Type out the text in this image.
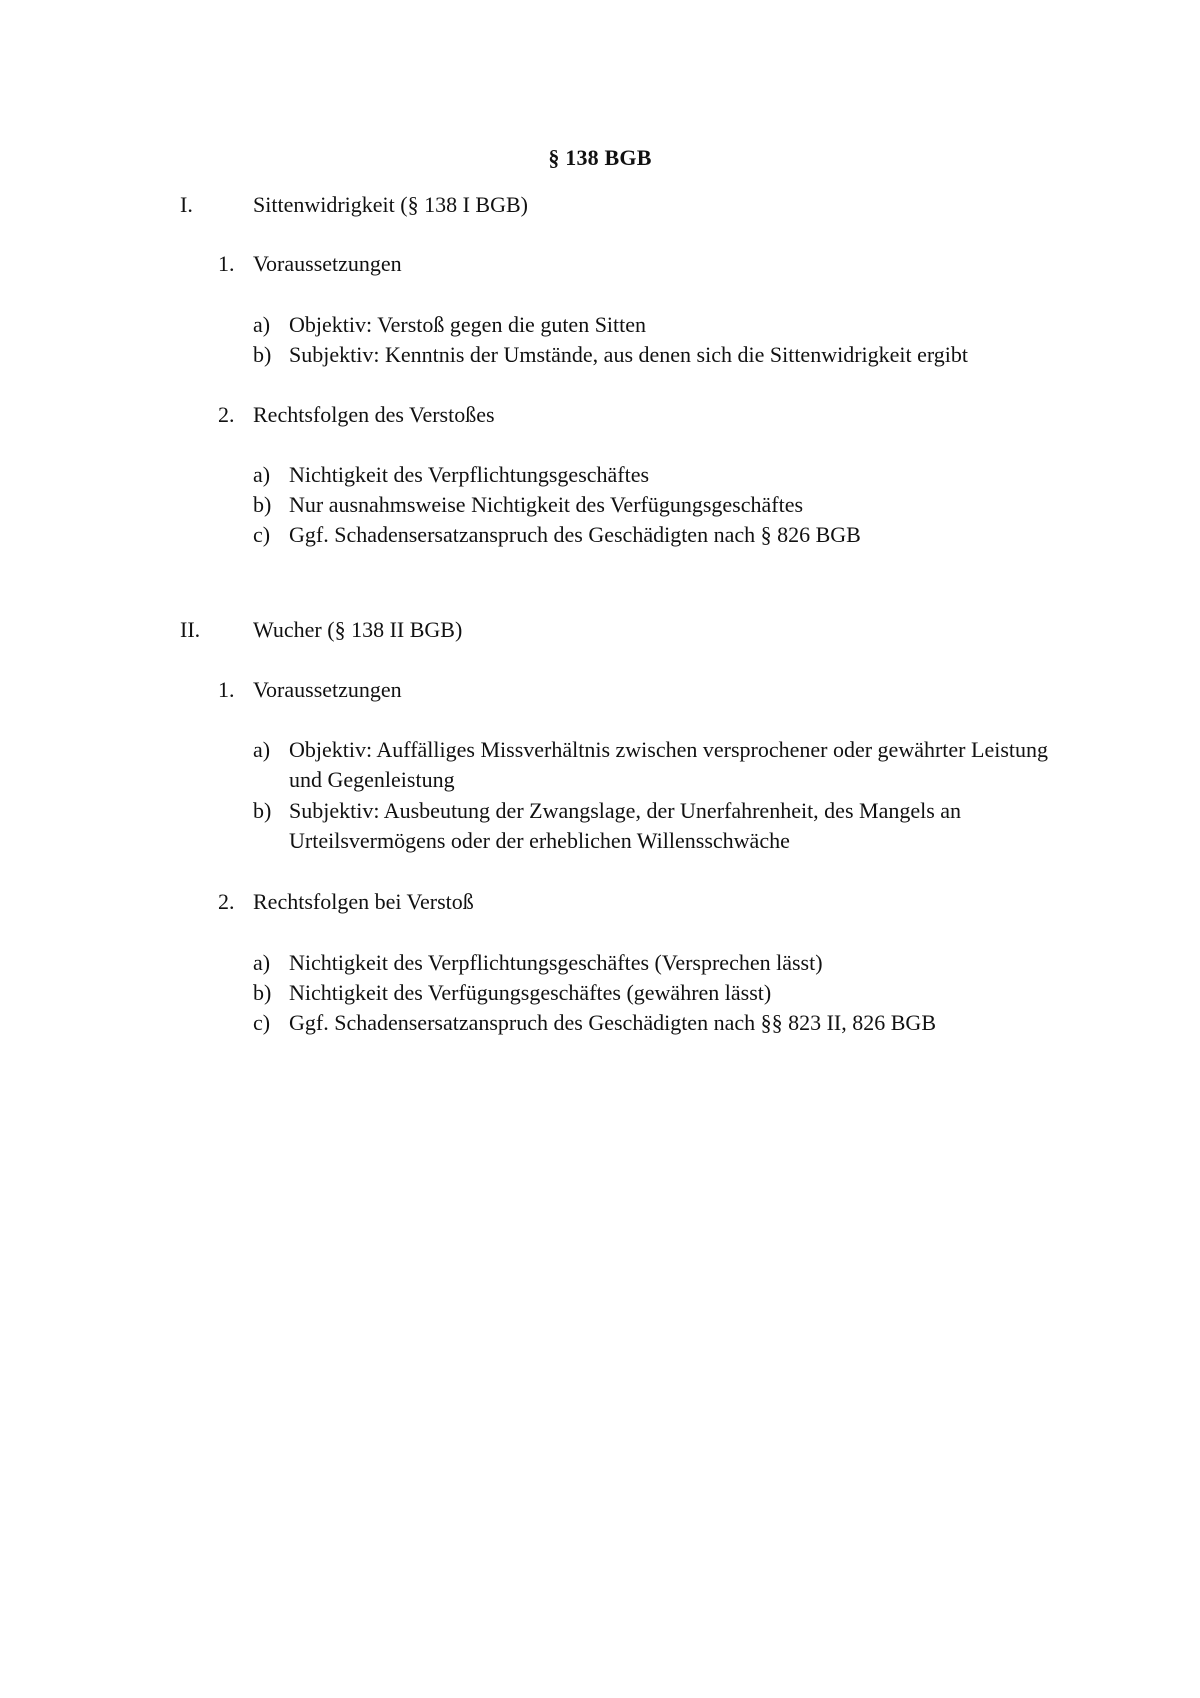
§ 138 BGB
I.	Sittenwidrigkeit (§ 138 I BGB)
1. Voraussetzungen
a) Objektiv: Verstoß gegen die guten Sitten
b) Subjektiv: Kenntnis der Umstände, aus denen sich die Sittenwidrigkeit ergibt
2. Rechtsfolgen des Verstoßes
a) Nichtigkeit des Verpflichtungsgeschäftes
b) Nur ausnahmsweise Nichtigkeit des Verfügungsgeschäftes
c) Ggf. Schadensersatzanspruch des Geschädigten nach § 826 BGB
II. Wucher (§ 138 II BGB)
1. Voraussetzungen
a) Objektiv: Auffälliges Missverhältnis zwischen versprochener oder gewährter Leistung und Gegenleistung
b) Subjektiv: Ausbeutung der Zwangslage, der Unerfahrenheit, des Mangels an Urteilsvermögens oder der erheblichen Willensschwäche
2. Rechtsfolgen bei Verstoß
a) Nichtigkeit des Verpflichtungsgeschäftes (Versprechen lässt)
b) Nichtigkeit des Verfügungsgeschäftes (gewähren lässt)
c) Ggf. Schadensersatzanspruch des Geschädigten nach §§ 823 II, 826 BGB
